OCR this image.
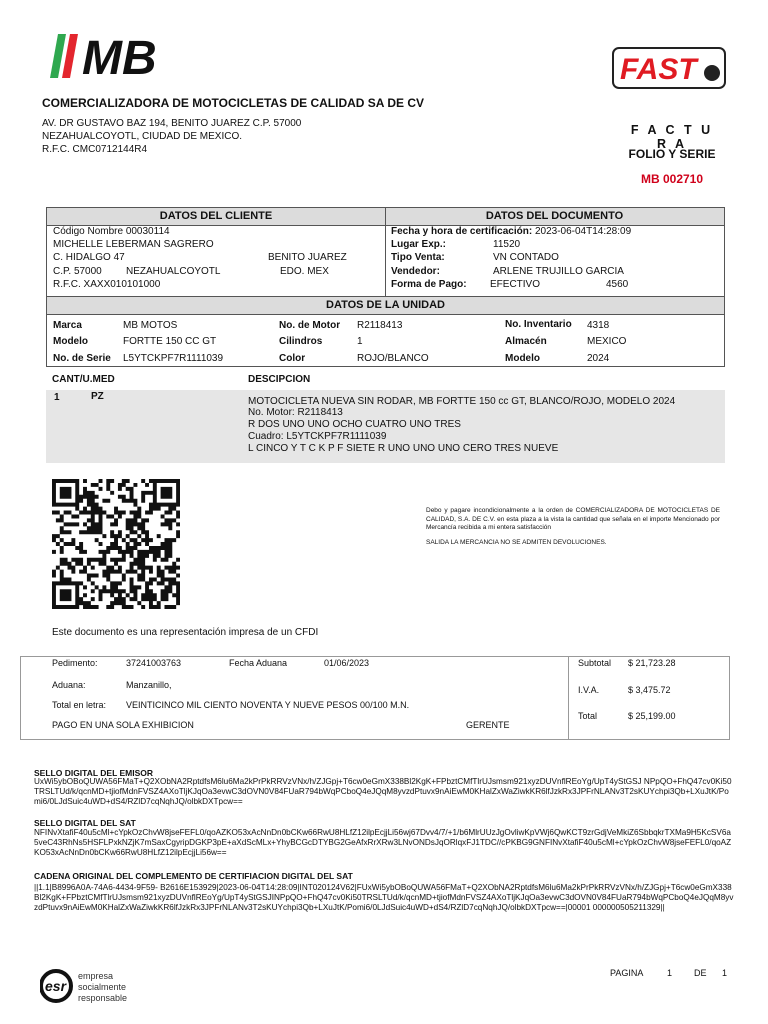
MB	FAST
COMERCIALIZADORA DE MOTOCICLETAS DE CALIDAD SA DE CV
AV. DR GUSTAVO BAZ 194, BENITO JUAREZ C.P. 57000
NEZAHUALCOYOTL, CIUDAD DE MEXICO.
R.F.C. CMC0712144R4
F A C T U R A
FOLIO Y SERIE
MB 002710
DATOS DEL CLIENTE	DATOS DEL DOCUMENTO
DATOS DE LA UNIDAD
Código Nombre 00030114
MICHELLE LEBERMAN SAGRERO
C. HIDALGO 47	BENITO JUAREZ
C.P. 57000 NEZAHUALCOYOTL	EDO. MEX
R.F.C. XAXX010101000
Fecha y hora de certificación: 2023-06-04T14:28:09
Lugar Exp.:	11520
Tipo Venta:	VN CONTADO
Vendedor:	ARLENE TRUJILLO GARCIA
Forma de Pago: EFECTIVO	4560
Marca	MB MOTOS	No. de Motor R2118413	No. Inventario 4318
Modelo	FORTTE 150 CC GT	Cilindros	1	Almacén	MEXICO
No. de Serie L5YTCKPF7R1111039	Color	ROJO/BLANCO	Modelo	2024
CANT/U.MED	DESCIPCION
1	PZ	MOTOCICLETA NUEVA SIN RODAR, MB FORTTE 150 cc GT, BLANCO/ROJO, MODELO 2024
No. Motor: R2118413
R DOS UNO UNO OCHO CUATRO UNO TRES
Cuadro: L5YTCKPF7R1111039
L CINCO Y T C K P F SIETE R UNO UNO UNO CERO TRES NUEVE
Debo y pagare incondicionalmente a la orden de COMERCIALIZADORA DE MOTOCICLETAS DE CALIDAD, S.A. DE C.V. en esta plaza a la vista la cantidad que señala en el importe Mencionado por Mercancía recibida a mi entera satisfacción
SALIDA LA MERCANCIA NO SE ADMITEN DEVOLUCIONES.
Este documento es una representación impresa de un CFDI
Pedimento:	37241003763	Fecha Aduana	01/06/2023
Aduana:	Manzanillo,
Total en letra: VEINTICINCO MIL CIENTO NOVENTA Y NUEVE PESOS 00/100 M.N.
PAGO EN UNA SOLA EXHIBICION	GERENTE
Subtotal $ 21,723.28
I.V.A.	$ 3,475.72
Total	$ 25,199.00
SELLO DIGITAL DEL EMISOR
UxWi5ybOBoQUWA56FMaT+Q2XObNA2RptdfsM6lu6Ma2kPrPkRRVzVNx/h/ZJGpj+T6cw0eGmX338Bl2KgK+FPbztCMfTlrUJsmsm921xyzDUVnflREoYg/UpT4yStGSJ NPpQO+FhQ47cv0Ki50TRSLTUd/k/qcnMD+tjiofMdnFVSZ4AXoTljKJqOa3evwC3dOVN0V84FUaR794bWqPCboQ4eJQqM8yvzdPtuvx9nAiEwM0KHalZxWaZiwkKR6lfJzkRx3JPFrNLANv3T2sKUYchpi3Qb+LXuJtK/Pomi6/0LJdSuic4uWD+dS4/RZlD7cqNqhJQ/olbkDXTpcw==
SELLO DIGITAL DEL SAT
NFINvXtafiF40u5cMl+cYpkOzChvW8jseFEFL0/qoAZKO53xAcNnDn0bCKw66RwU8HLfZ12ilpEcjjLi56wj67Dvv4/7/+1/b6MlrUUzJgOvliwKpVWj6QwKCT9zrGdjVeMkiZ6SbbqkrTXMa9H5KcSV6a5veC43RhNs5HSFLPxkNZjK7mSaxCgyripDGKP3pE+aXdScMLx+YhyBCGcDTYBG2GeAfxRrXRw3LNvONDsJqORlqxFJ1TDC//cPKBG9GNFINvXtafiF40u5cMl+cYpkOzChvW8jseFEFL0/qoAZKO53xAcNnDn0bCKw66RwU8HLfZ12ilpEcjjLi56w==
CADENA ORIGINAL DEL COMPLEMENTO DE CERTIFIACION DIGITAL DEL SAT
||1.1|B8996A0A-74A6-4434-9F59- B2616E153929|2023-06-04T14:28:09|INT020124V62|FUxWi5ybOBoQUWA56FMaT+Q2XObNA2RptdfsM6lu6Ma2kPrPkRRVzVNx/h/ZJGpj+T6cw0eGmX338Bl2KgK+FPbztCMfTlrUJsmsm921xyzDUVnflREoYg/UpT4yStGSJINPpQO+FhQ47cv0Ki50TRSLTUd/k/qcnMD+tjiofMdnFVSZ4AXoTljKJqOa3evwC3dOVN0V84FUaR794bWqPCboQ4eJQqM8yvzdPtuvx9nAiEwM0KHalZxWaZiwkKR6lfJzkRx3JPFrNLANv3T2sKUYchpi3Qb+LXuJtK/Pomi6/0LJdSuic4uWD+dS4/RZlD7cqNqhJQ/olbkDXTpcw==|00001 000000505211329||
esr
empresa
socialmente
responsable
PAGINA	1 DE 1
